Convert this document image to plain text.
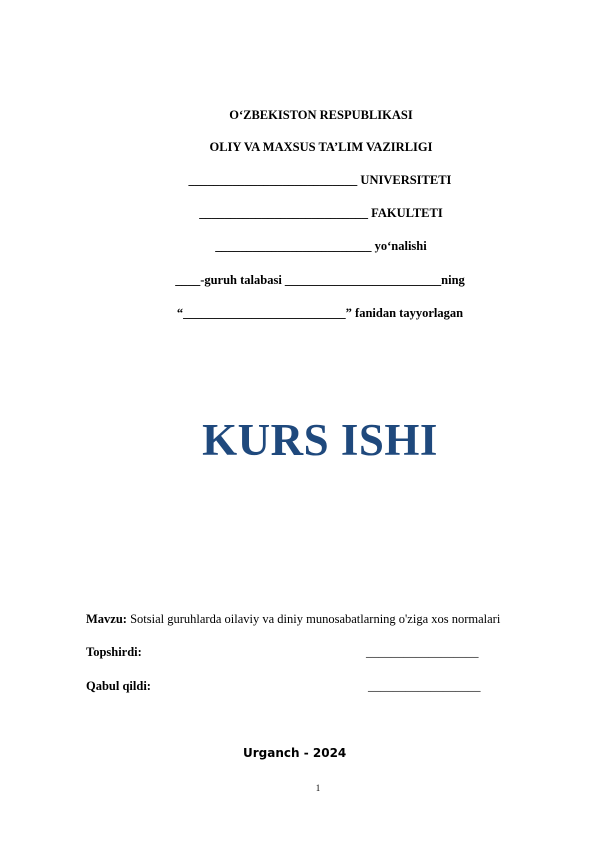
O‘ZBEKISTON RESPUBLIKASI
OLIY VA MAXSUS TA’LIM VAZIRLIGI
___________________________ UNIVERSITETI
___________________________ FAKULTETI
_________________________ yo‘nalishi
____-guruh talabasi _________________________ning
“__________________________” fanidan tayyorlagan
KURS ISHI
Mavzu: Sotsial guruhlarda oilaviy va diniy munosabatlarning o'ziga xos normalari
Topshirdi:	__________________
Qabul qildi:	__________________
Urganch - 2024
1
